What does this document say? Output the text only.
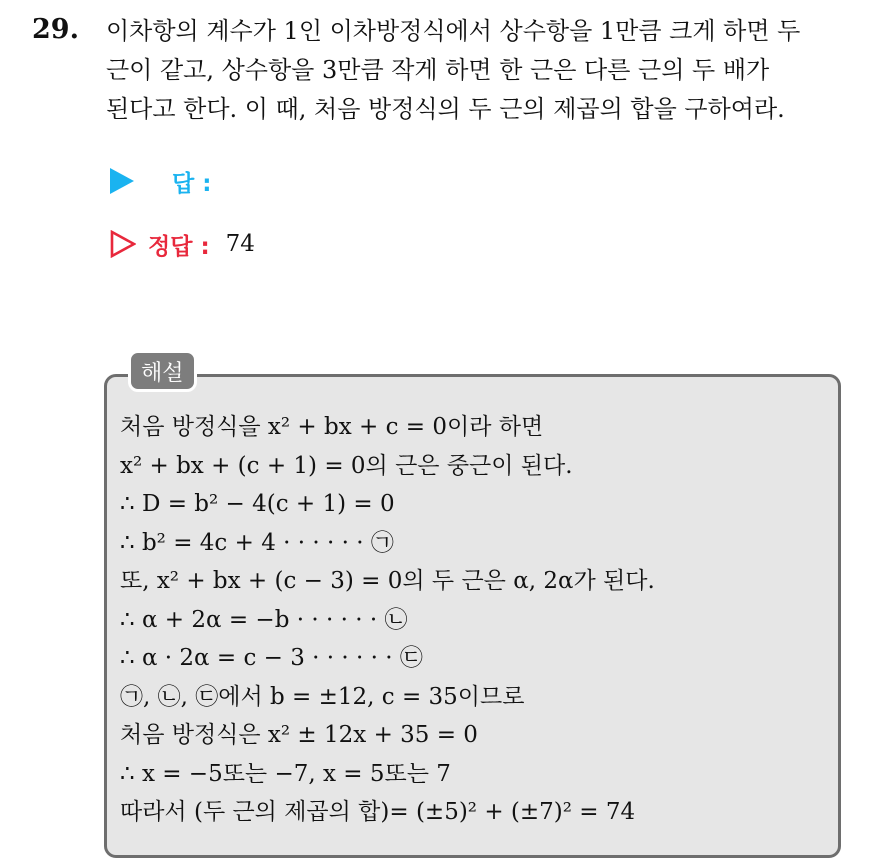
29. 이차항의 계수가 1인 이차방정식에서 상수항을 1만큼 크게 하면 두
근이 같고, 상수항을 3만큼 작게 하면 한 근은 다른 근의 두 배가
된다고 한다. 이 때, 처음 방정식의 두 근의 제곱의 합을 구하여라.
답 :
정답 : 74
해설
처음 방정식을 x² + bx + c = 0이라 하면
x² + bx + (c + 1) = 0의 근은 중근이 된다.
∴ D = b² − 4(c + 1) = 0
∴ b² = 4c + 4 · · · · · · ㉠
또, x² + bx + (c − 3) = 0의 두 근은 α, 2α가 된다.
∴ α + 2α = −b · · · · · · ㉡
∴ α · 2α = c − 3 · · · · · · ㉢
㉠, ㉡, ㉢에서 b = ±12, c = 35이므로
처음 방정식은 x² ± 12x + 35 = 0
∴ x = −5또는 −7, x = 5또는 7
따라서 (두 근의 제곱의 합)= (±5)² + (±7)² = 74
